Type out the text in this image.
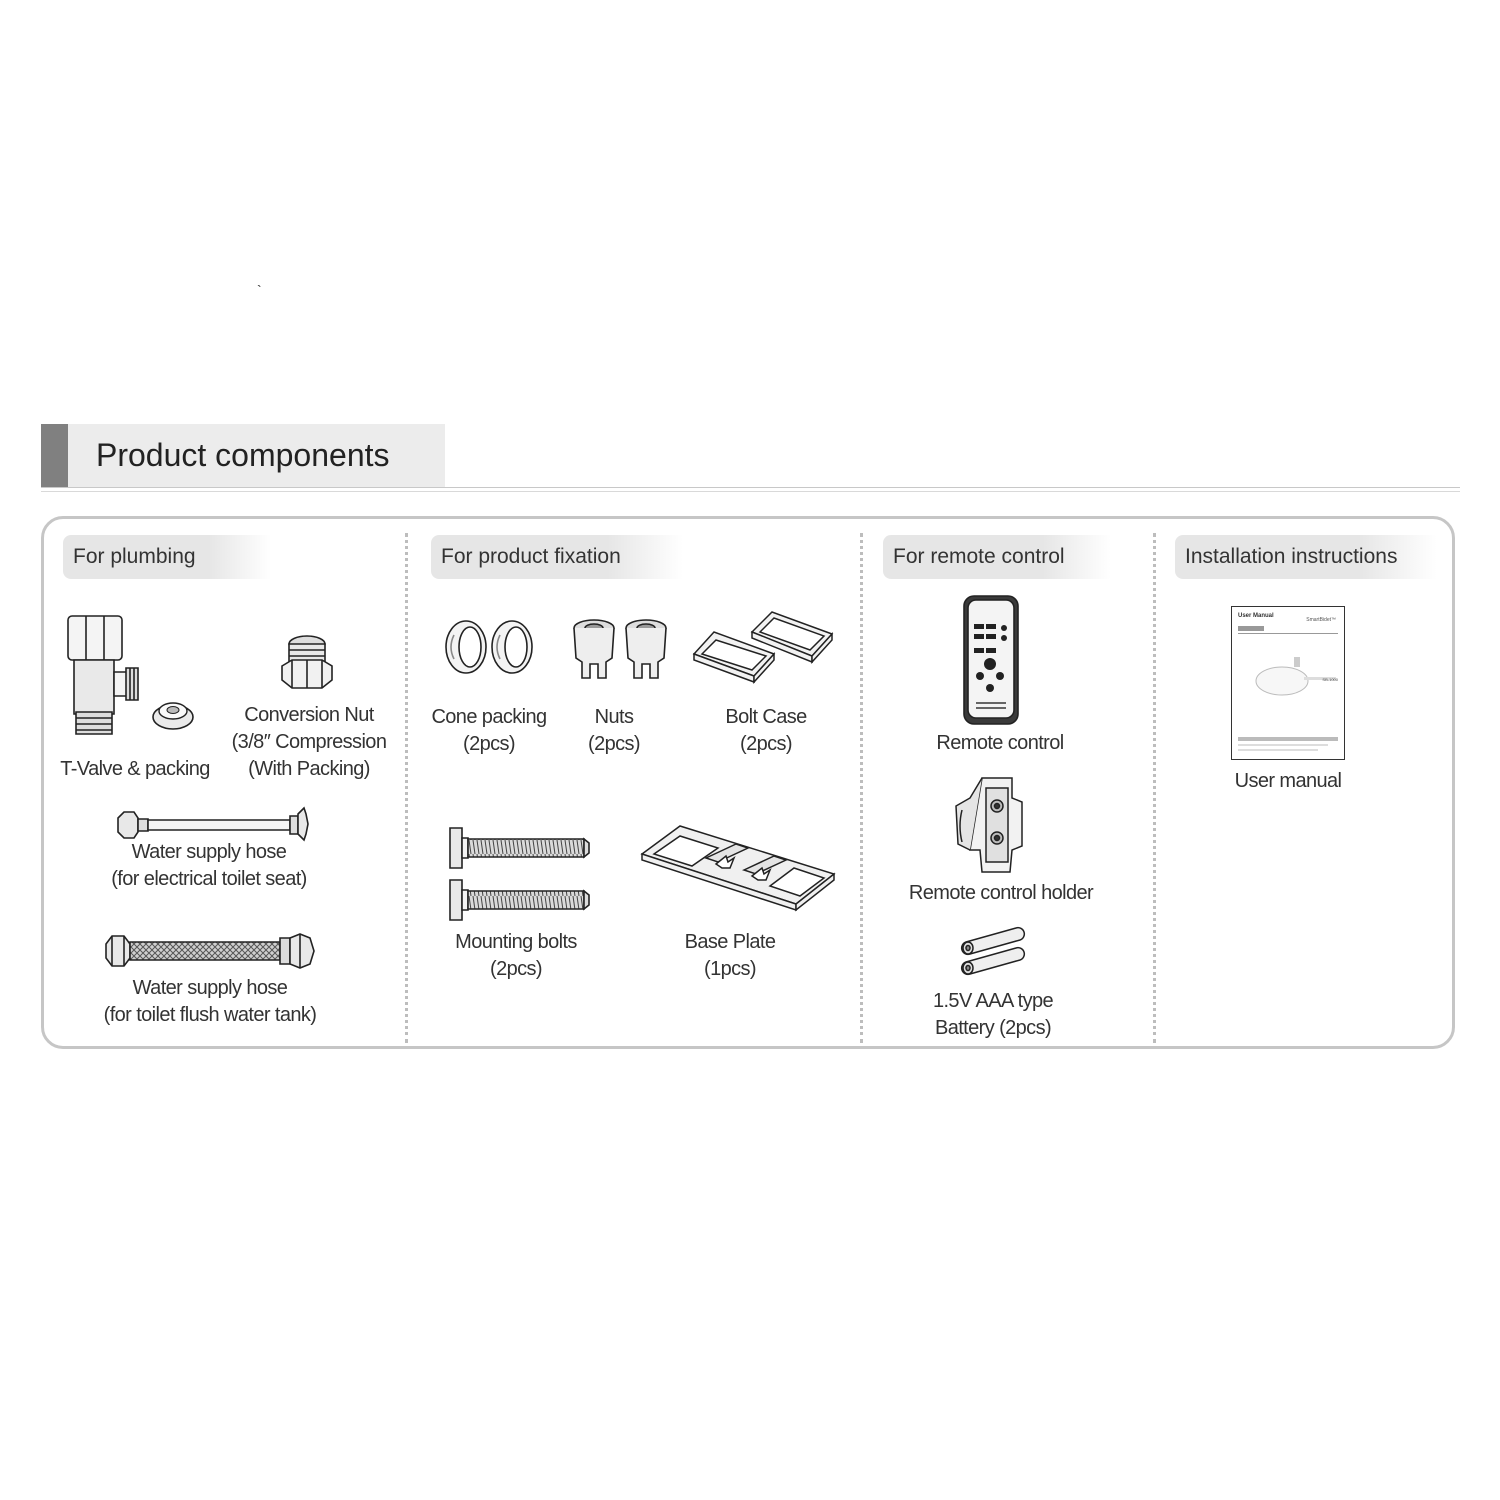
`
Product components
For plumbing	For product fixation	For remote control	Installation instructions
T-Valve & packing
Conversion Nut
(3/8″ Compression
(With Packing)
Water supply hose
(for electrical toilet seat)
Water supply hose
(for toilet flush water tank)
Cone packing
(2pcs)
Nuts
(2pcs)
Bolt Case
(2pcs)
Mounting bolts
(2pcs)
Base Plate
(1pcs)
Remote control
Remote control holder
1.5V AAA type
Battery (2pcs)
User Manual
SmartBidet™
SB-1000
User manual
